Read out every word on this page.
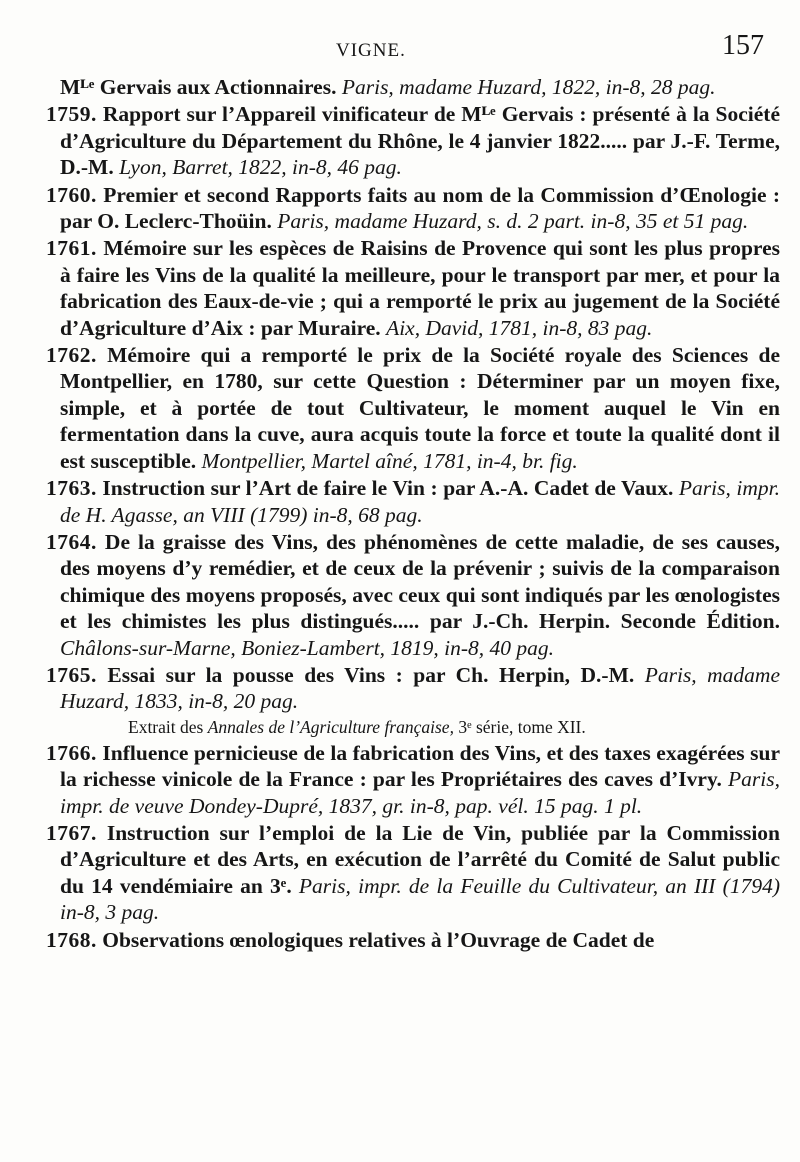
VIGNE.	157

Mᴸᵉ Gervais aux Actionnaires. Paris, madame Huzard, 1822, in-8, 28 pag.

1759. Rapport sur l’Appareil vinificateur de Mᴸᵉ Gervais : présenté à la Société d’Agriculture du Département du Rhône, le 4 janvier 1822..... par J.-F. Terme, D.-M. Lyon, Barret, 1822, in-8, 46 pag.

1760. Premier et second Rapports faits au nom de la Commission d’Œnologie : par O. Leclerc-Thoüin. Paris, madame Huzard, s. d. 2 part. in-8, 35 et 51 pag.

1761. Mémoire sur les espèces de Raisins de Provence qui sont les plus propres à faire les Vins de la qualité la meilleure, pour le transport par mer, et pour la fabrication des Eaux-de-vie ; qui a remporté le prix au jugement de la Société d’Agriculture d’Aix : par Muraire. Aix, David, 1781, in-8, 83 pag.

1762. Mémoire qui a remporté le prix de la Société royale des Sciences de Montpellier, en 1780, sur cette Question : Déterminer par un moyen fixe, simple, et à portée de tout Cultivateur, le moment auquel le Vin en fermentation dans la cuve, aura acquis toute la force et toute la qualité dont il est susceptible. Montpellier, Martel aîné, 1781, in-4, br. fig.

1763. Instruction sur l’Art de faire le Vin : par A.-A. Cadet de Vaux. Paris, impr. de H. Agasse, an VIII (1799) in-8, 68 pag.

1764. De la graisse des Vins, des phénomènes de cette maladie, de ses causes, des moyens d’y remédier, et de ceux de la prévenir ; suivis de la comparaison chimique des moyens proposés, avec ceux qui sont indiqués par les œnologistes et les chimistes les plus distingués..... par J.-Ch. Herpin. Seconde Édition. Châlons-sur-Marne, Boniez-Lambert, 1819, in-8, 40 pag.

1765. Essai sur la pousse des Vins : par Ch. Herpin, D.-M. Paris, madame Huzard, 1833, in-8, 20 pag.

Extrait des Annales de l’Agriculture française, 3ᵉ série, tome XII.

1766. Influence pernicieuse de la fabrication des Vins, et des taxes exagérées sur la richesse vinicole de la France : par les Propriétaires des caves d’Ivry. Paris, impr. de veuve Dondey-Dupré, 1837, gr. in-8, pap. vél. 15 pag. 1 pl.

1767. Instruction sur l’emploi de la Lie de Vin, publiée par la Commission d’Agriculture et des Arts, en exécution de l’arrêté du Comité de Salut public du 14 vendémiaire an 3ᵉ. Paris, impr. de la Feuille du Cultivateur, an III (1794) in-8, 3 pag.

1768. Observations œnologiques relatives à l’Ouvrage de Cadet de
